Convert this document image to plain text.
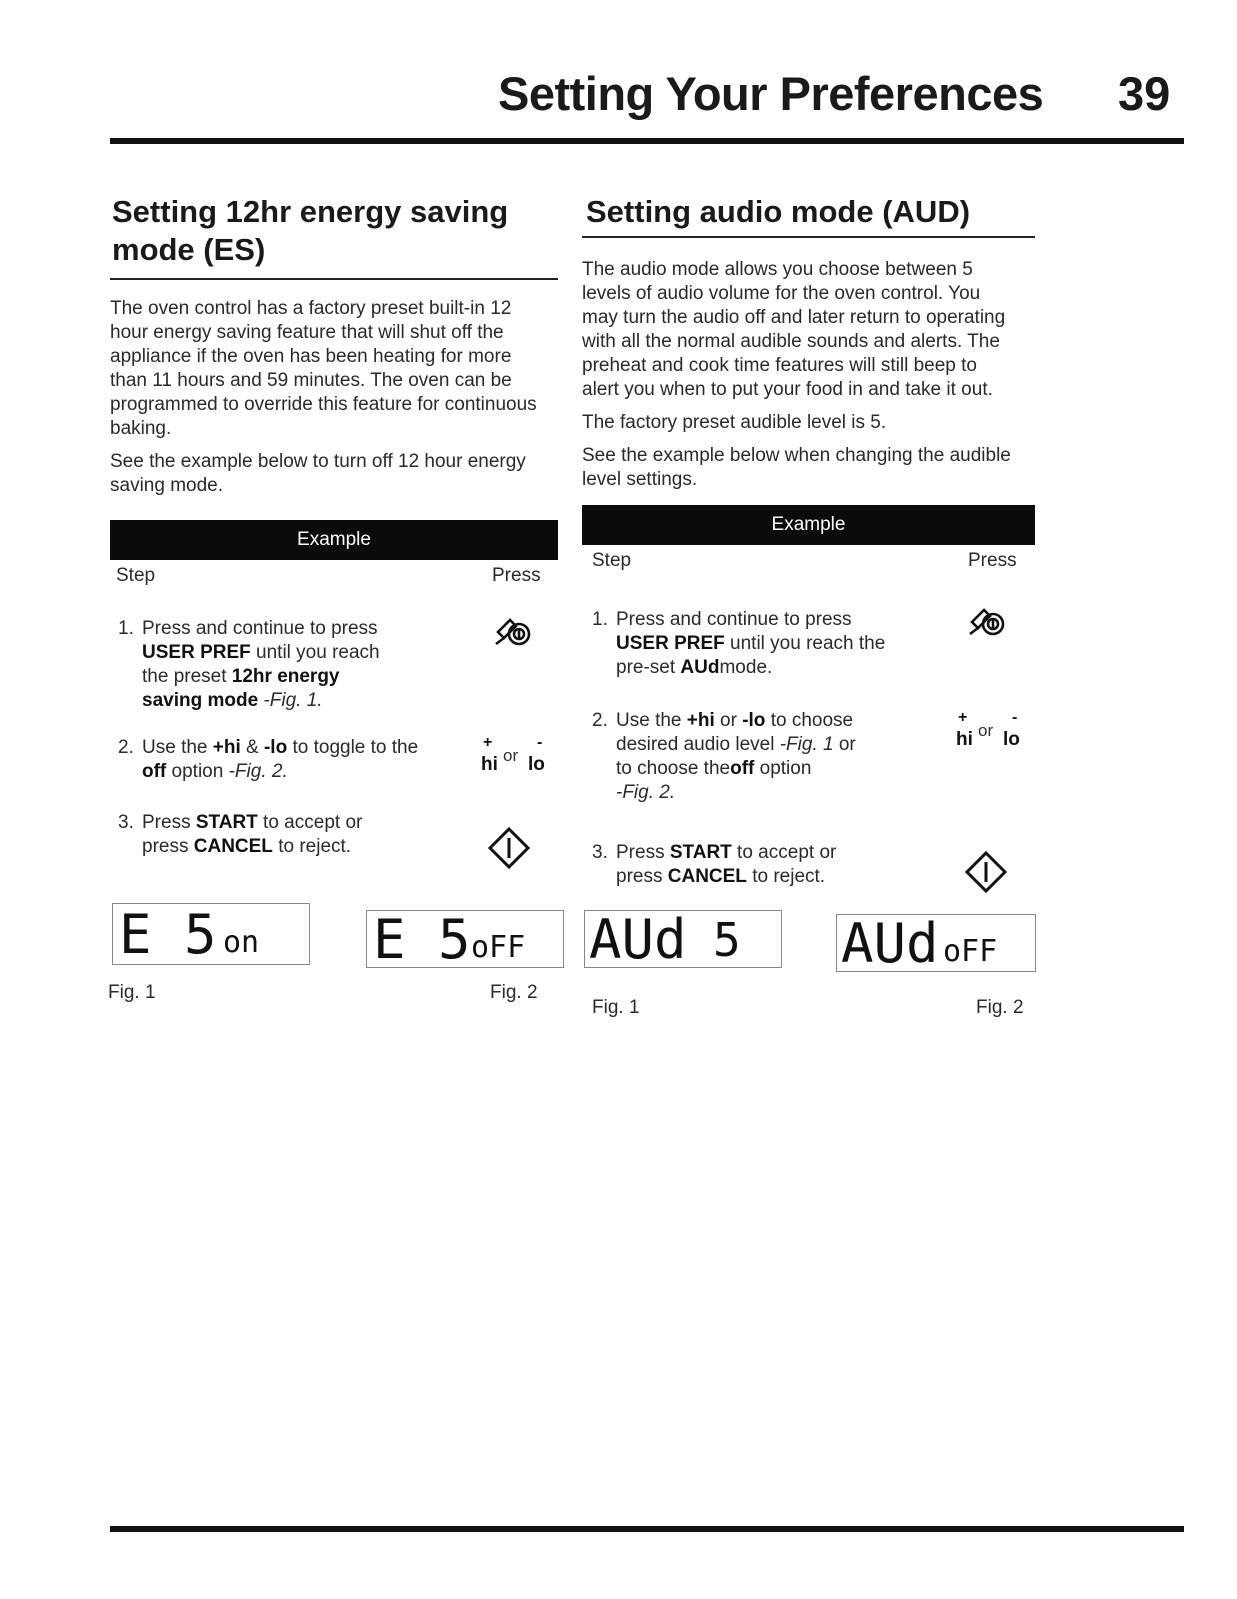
Setting Your Preferences 39
Setting 12hr energy saving
mode (ES)

The oven control has a factory preset built-in 12
hour energy saving feature that will shut off the
appliance if the oven has been heating for more
than 11 hours and 59 minutes. The oven can be
programmed to override this feature for continuous
baking.

See the example below to turn off 12 hour energy
saving mode.

Example
Step	Press
1. Press and continue to press
USER PREF until you reach
the preset 12hr energy
saving mode -Fig. 1.
2. Use the +hi & -lo to toggle to the
off option -Fig. 2.
+	-
hi or lo
3. Press START to accept or
press CANCEL to reject.
E 5 on E 5 oFF
Fig. 1	Fig. 2
Setting audio mode (AUD)

The audio mode allows you choose between 5
levels of audio volume for the oven control. You
may turn the audio off and later return to operating
with all the normal audible sounds and alerts. The
preheat and cook time features will still beep to
alert you when to put your food in and take it out.

The factory preset audible level is 5.

See the example below when changing the audible
level settings.

Example
Step	Press
1. Press and continue to press
USER PREF until you reach the
pre-set AUdmode.
2. Use the +hi or -lo to choose
desired audio level -Fig. 1 or
to choose theoff option
-Fig. 2.
+	-
hi or lo
3. Press START to accept or
press CANCEL to reject.
AUd 5 AUd oFF
Fig. 1	Fig. 2
